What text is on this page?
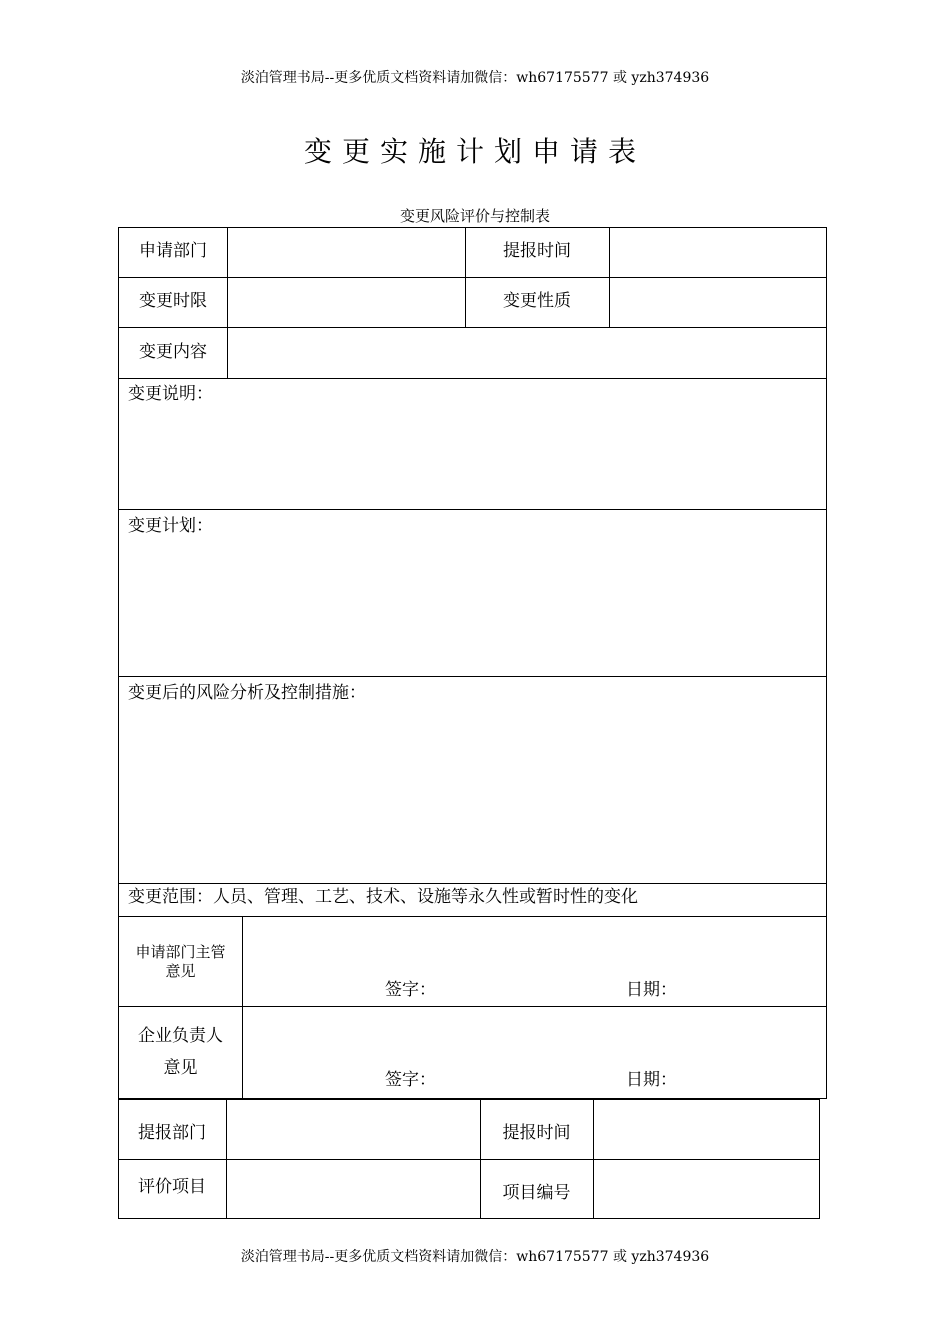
淡泊管理书局--更多优质文档资料请加微信：wh67175577 或 yzh374936
变更实施计划申请表
变更风险评价与控制表
申请部门	提报时间
变更时限	变更性质
变更内容
变更说明：
变更计划：
变更后的风险分析及控制措施：
变更范围：人员、管理、工艺、技术、设施等永久性或暂时性的变化
申请部门主管
意见
签字：	日期：
企业负责人
意见
签字：	日期：
提报部门	提报时间
评价项目	项目编号
淡泊管理书局--更多优质文档资料请加微信：wh67175577 或 yzh374936
